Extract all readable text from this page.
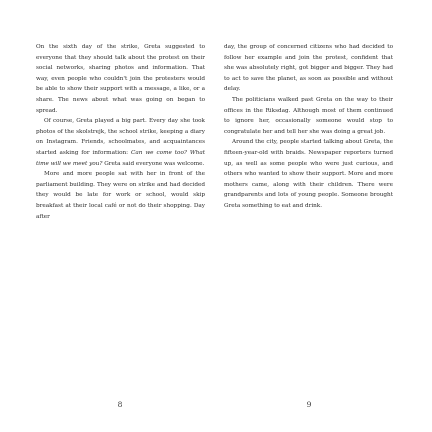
On the sixth day of the strike, Greta suggested to everyone that they should talk about the protest on their social networks, sharing photos and information. That way, even people who couldn't join the protesters would be able to show their support with a message, a like, or a share. The news about what was going on began to spread.

Of course, Greta played a big part. Every day she took photos of the skolstrejk, the school strike, keeping a diary on Instagram. Friends, schoolmates, and acquaintances started asking for information: Can we come too? What time will we meet you? Greta said everyone was welcome.

More and more people sat with her in front of the parliament building. They were on strike and had decided they would be late for work or school, would skip breakfast at their local café or not do their shopping. Day after

day, the group of concerned citizens who had decided to follow her example and join the protest, confident that she was absolutely right, got bigger and bigger. They had to act to save the planet, as soon as possible and without delay.

The politicians walked past Greta on the way to their offices in the Riksdag. Although most of them continued to ignore her, occasionally someone would stop to congratulate her and tell her she was doing a great job.

Around the city, people started talking about Greta, the fifteen-year-old with braids. Newspaper reporters turned up, as well as some people who were just curious, and others who wanted to show their support. More and more mothers came, along with their children. There were grandparents and lots of young people. Someone brought Greta something to eat and drink.

8	9
